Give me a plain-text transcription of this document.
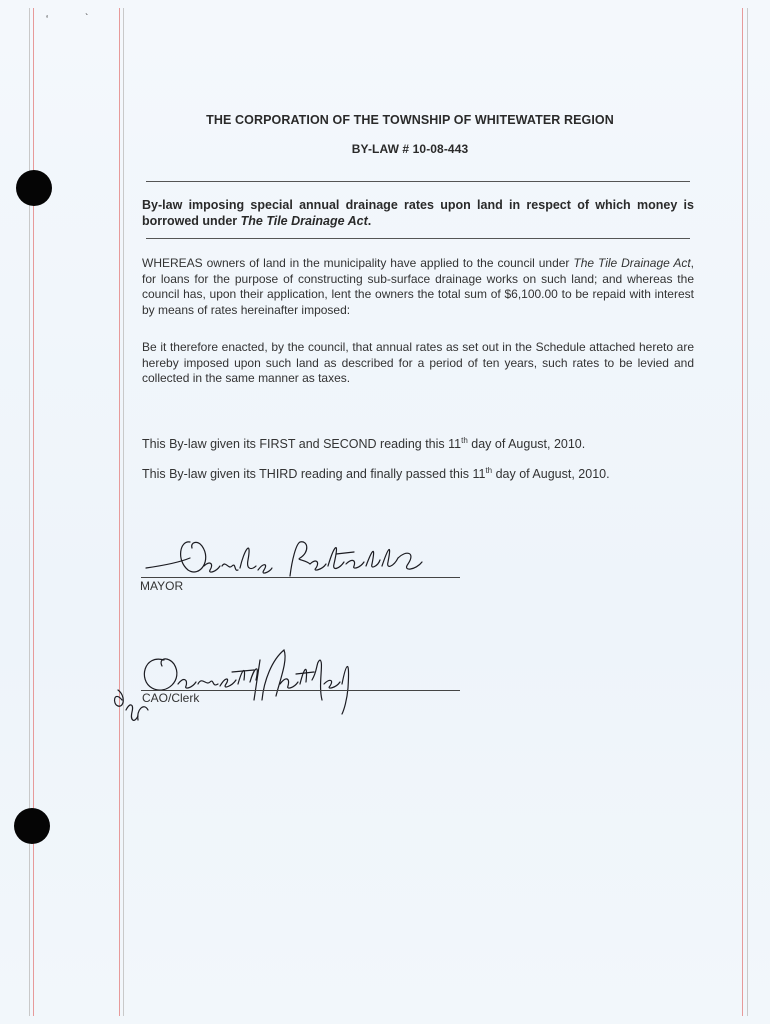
‘	`
THE CORPORATION OF THE TOWNSHIP OF WHITEWATER REGION
BY-LAW # 10-08-443
By-law imposing special annual drainage rates upon land in respect of which money is borrowed under The Tile Drainage Act.
WHEREAS owners of land in the municipality have applied to the council under The Tile Drainage Act, for loans for the purpose of constructing sub-surface drainage works on such land; and whereas the council has, upon their application, lent the owners the total sum of $6,100.00 to be repaid with interest by means of rates hereinafter imposed:
Be it therefore enacted, by the council, that annual rates as set out in the Schedule attached hereto are hereby imposed upon such land as described for a period of ten years, such rates to be levied and collected in the same manner as taxes.
This By-law given its FIRST and SECOND reading this 11th day of August, 2010.
This By-law given its THIRD reading and finally passed this 11th day of August, 2010.
MAYOR
CAO/Clerk
